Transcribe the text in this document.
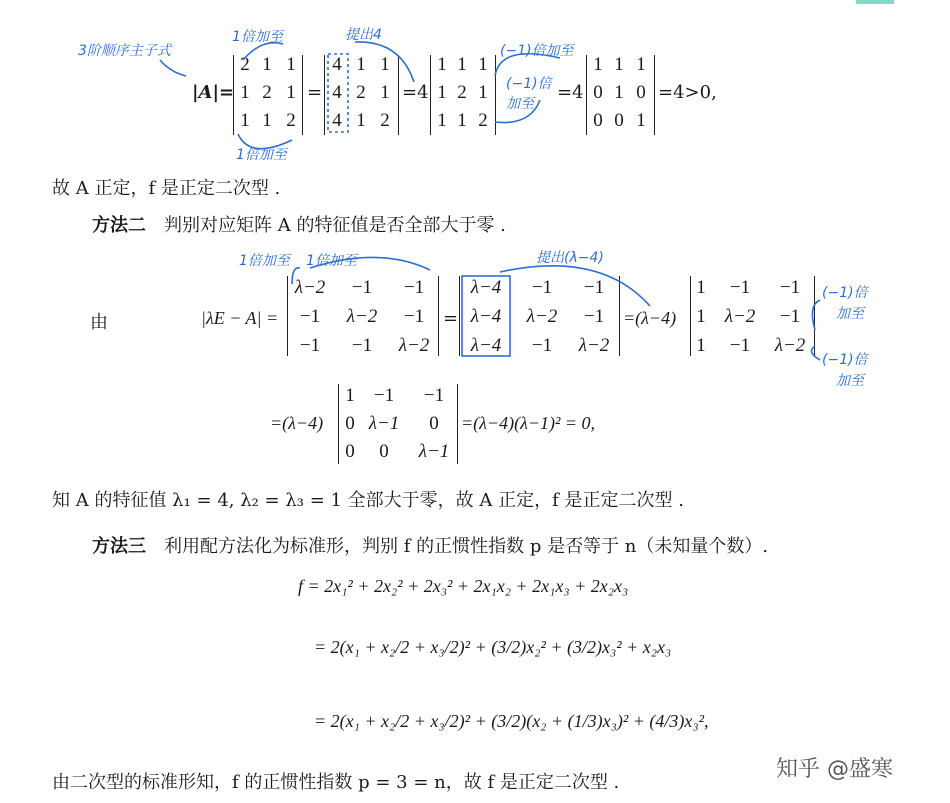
3阶顺序主子式
1倍加至	提出4
(−1)倍加至
(−1)倍
加至
1倍加至
|A|=
2 1 1
1 2 1
1 1 2
=
4 1 1
4 2 1
4 1 2
=4
1 1 1
1 2 1
1 1 2
=4
1 1 1
0 1 0
0 0 1
=4>0,
故 A 正定，f 是正定二次型 .
方法二 判别对应矩阵 A 的特征值是否全部大于零 .
1倍加至 1倍加至	提出(λ−4)
(−1)倍
加至
(−1)倍
加至
由	|λE − A| =
λ−2	−1	−1
−1	λ−2	−1
−1	−1	λ−2
=
λ−4	−1	−1
λ−4	λ−2	−1
λ−4	−1	λ−2
=(λ−4)
1	−1	−1
1 λ−2	−1
1	−1	λ−2
=(λ−4)
1	−1	−1
0 λ−1	0
0	0	λ−1
=(λ−4)(λ−1)² = 0,
知 A 的特征值 λ₁ = 4, λ₂ = λ₃ = 1 全部大于零，故 A 正定，f 是正定二次型 .
方法三 利用配方法化为标准形，判别 f 的正惯性指数 p 是否等于 n（未知量个数）.
f = 2x₁² + 2x₂² + 2x₃² + 2x₁x₂ + 2x₁x₃ + 2x₂x₃
= 2(x₁ + x₂/2 + x₃/2)² + (3/2)x₂² + (3/2)x₃² + x₂x₃
= 2(x₁ + x₂/2 + x₃/2)² + (3/2)(x₂ + (1/3)x₃)² + (4/3)x₃²,
由二次型的标准形知，f 的正惯性指数 p = 3 = n，故 f 是正定二次型 .
知乎 @盛寒
